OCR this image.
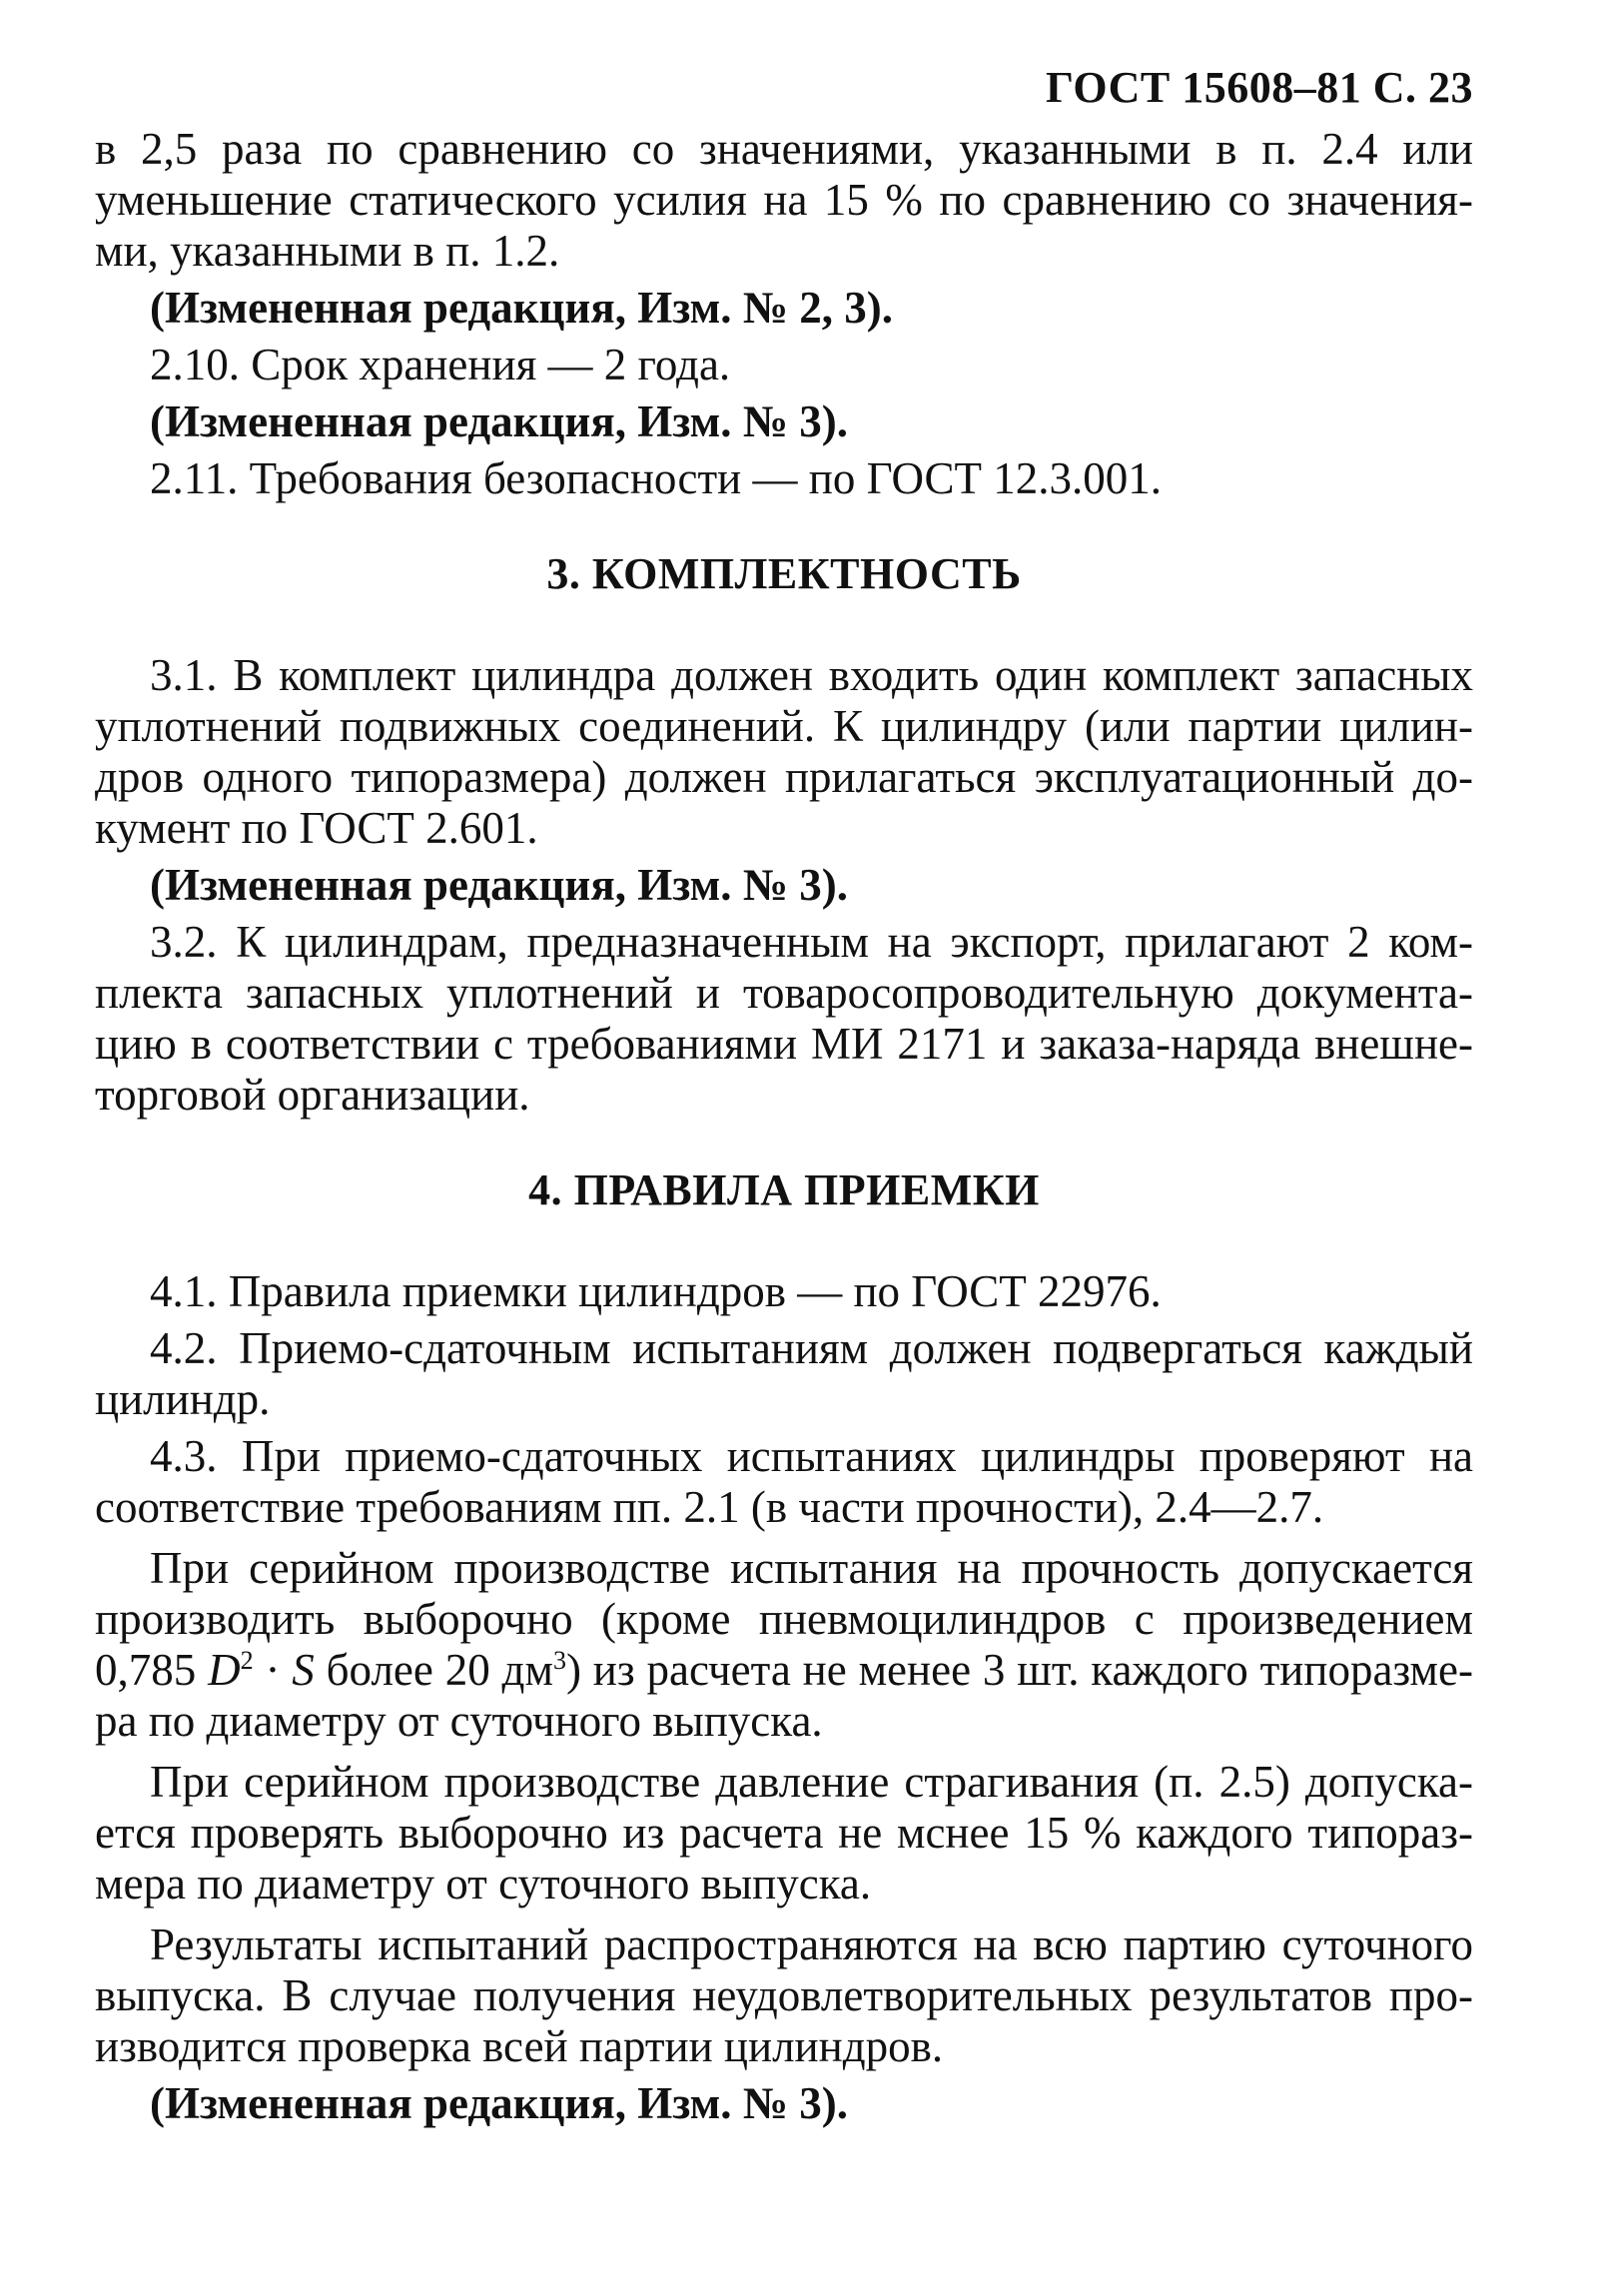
ГОСТ 15608–81 С. 23

в 2,5 раза по сравнению со значениями, указанными в п. 2.4 или уменьшение статического усилия на 15 % по сравнению со значения-ми, указанными в п. 1.2.

(Измененная редакция, Изм. № 2, 3).

2.10. Срок хранения — 2 года.

(Измененная редакция, Изм. № 3).

2.11. Требования безопасности — по ГОСТ 12.3.001.

3. КОМПЛЕКТНОСТЬ

3.1. В комплект цилиндра должен входить один комплект запасных уплотнений подвижных соединений. К цилиндру (или партии цилин-дров одного типоразмера) должен прилагаться эксплуатационный до-кумент по ГОСТ 2.601.

(Измененная редакция, Изм. № 3).

3.2. К цилиндрам, предназначенным на экспорт, прилагают 2 ком-плекта запасных уплотнений и товаросопроводительную документа-цию в соответствии с требованиями МИ 2171 и заказа-наряда внешне-торговой организации.

4. ПРАВИЛА ПРИЕМКИ

4.1. Правила приемки цилиндров — по ГОСТ 22976.

4.2. Приемо-сдаточным испытаниям должен подвергаться каждый цилиндр.

4.3. При приемо-сдаточных испытаниях цилиндры проверяют на соответствие требованиям пп. 2.1 (в части прочности), 2.4—2.7.

При серийном производстве испытания на прочность допускается производить выборочно (кроме пневмоцилиндров с произведением 0,785 $D^2 \cdot S$ более 20 $дм^3$) из расчета не менее 3 шт. каждого типоразме-ра по диаметру от суточного выпуска.

При серийном производстве давление страгивания (п. 2.5) допуска-ется проверять выборочно из расчета не мснее 15 % каждого типораз-мера по диаметру от суточного выпуска.

Результаты испытаний распространяются на всю партию суточного выпуска. В случае получения неудовлетворительных результатов про-изводится проверка всей партии цилиндров.

(Измененная редакция, Изм. № 3).
